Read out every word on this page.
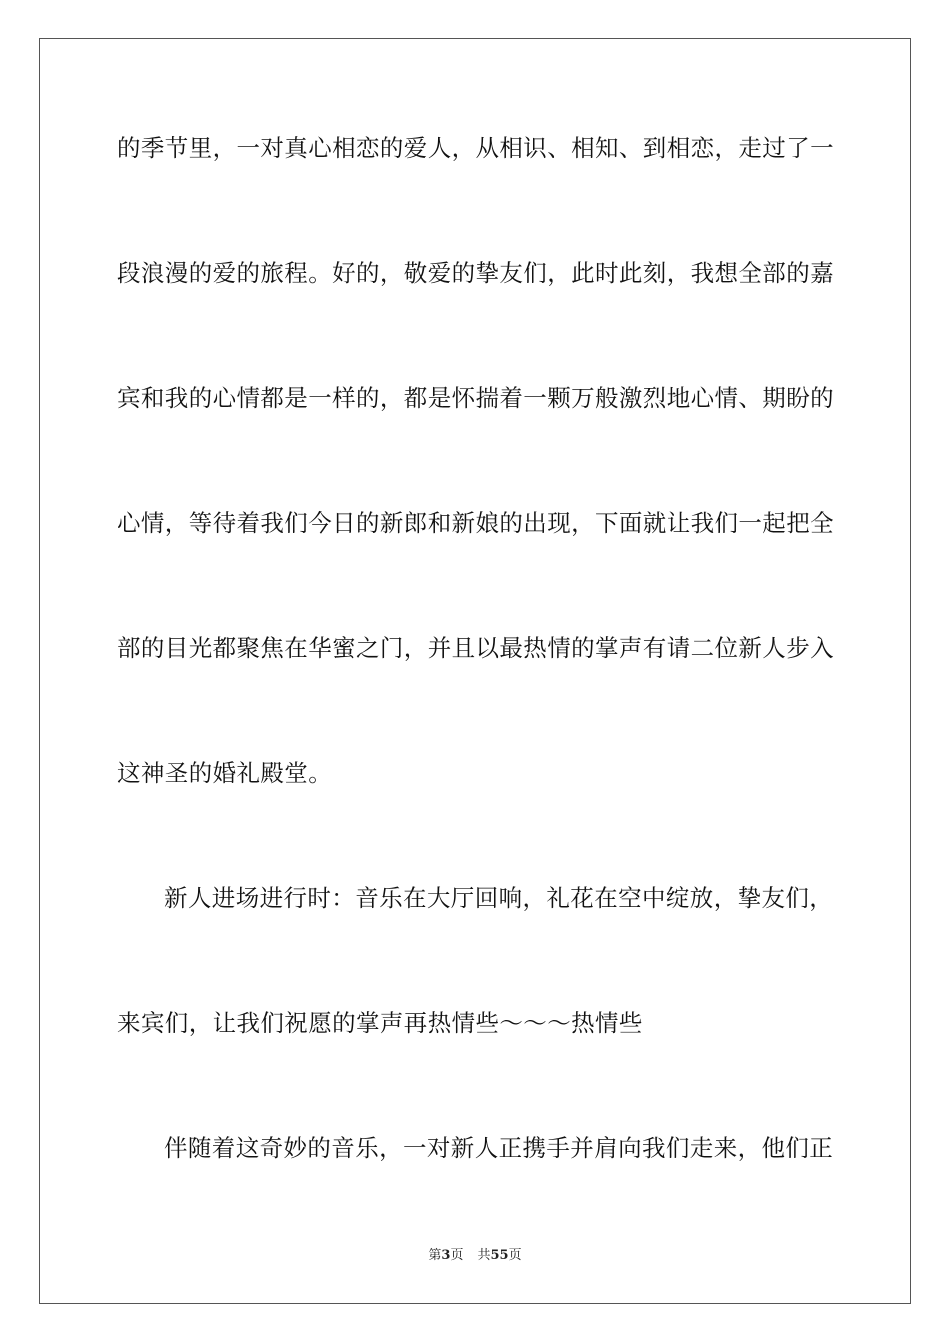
的季节里，一对真心相恋的爱人，从相识、相知、到相恋，走过了一
段浪漫的爱的旅程。好的，敬爱的挚友们，此时此刻，我想全部的嘉
宾和我的心情都是一样的，都是怀揣着一颗万般激烈地心情、期盼的
心情，等待着我们今日的新郎和新娘的出现，下面就让我们一起把全
部的目光都聚焦在华蜜之门，并且以最热情的掌声有请二位新人步入
这神圣的婚礼殿堂。
新人进场进行时：音乐在大厅回响，礼花在空中绽放，挚友们，
来宾们，让我们祝愿的掌声再热情些～～～热情些
伴随着这奇妙的音乐，一对新人正携手并肩向我们走来，他们正
第3页 共55页
